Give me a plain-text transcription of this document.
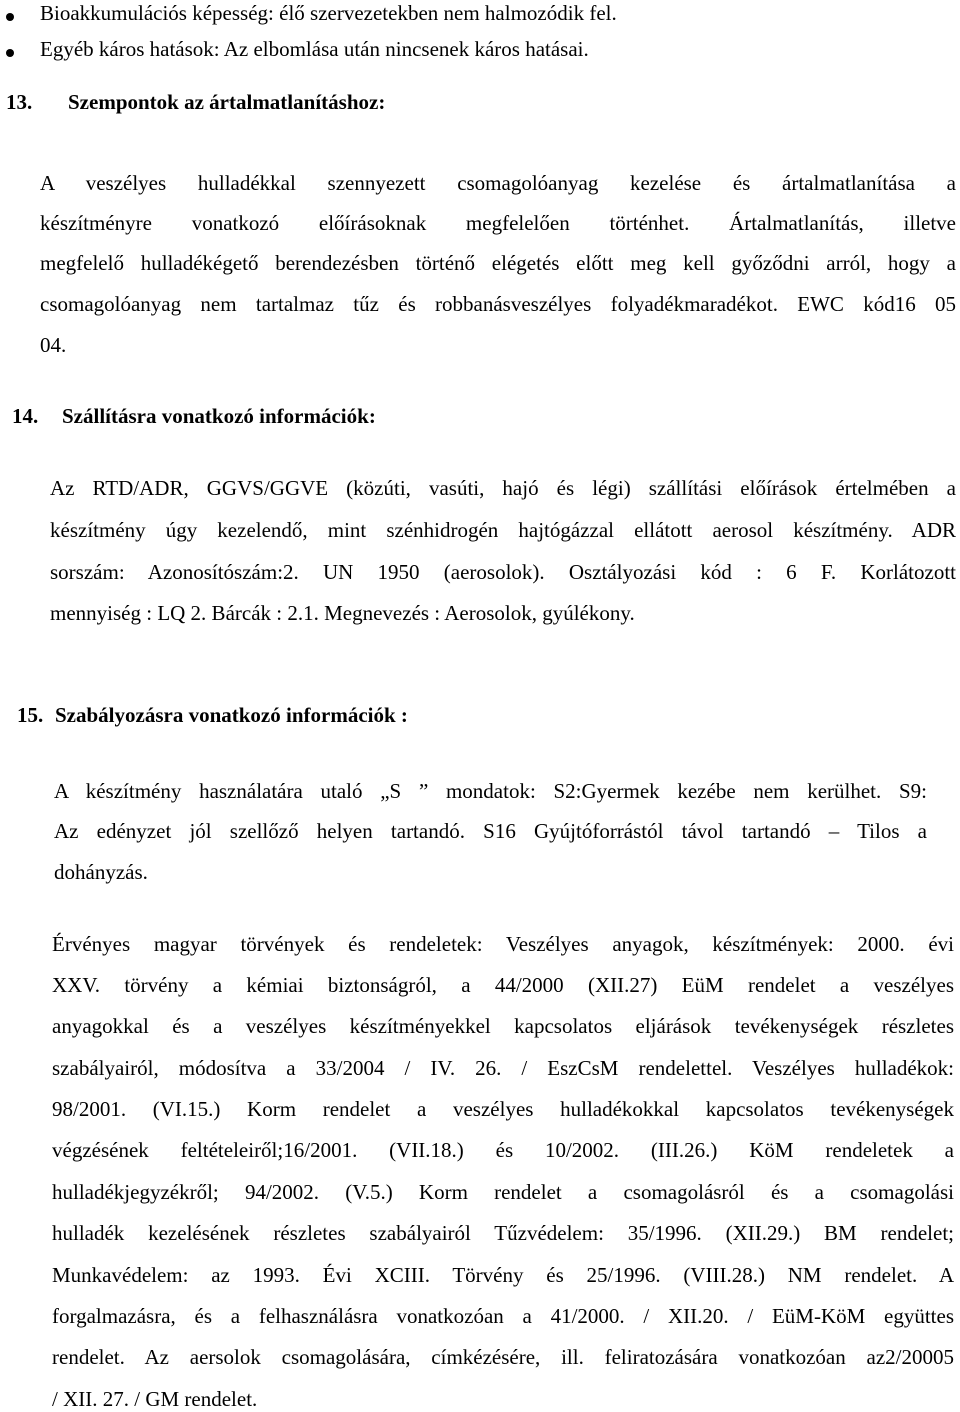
Bioakkumulációs képesség: élő szervezetekben nem halmozódik fel.

Egyéb káros hatások: Az elbomlása után nincsenek káros hatásai.

13. Szempontok az ártalmatlanításhoz:

A veszélyes hulladékkal szennyezett csomagolóanyag kezelése és ártalmatlanítása a
készítményre vonatkozó előírásoknak megfelelően történhet. Ártalmatlanítás, illetve
megfelelő hulladékégető berendezésben történő elégetés előtt meg kell győződni arról, hogy a
csomagolóanyag nem tartalmaz tűz és robbanásveszélyes folyadékmaradékot. EWC kód16 05
04.

14. Szállításra vonatkozó információk:

Az RTD/ADR, GGVS/GGVE (közúti, vasúti, hajó és légi) szállítási előírások értelmében a
készítmény úgy kezelendő, mint szénhidrogén hajtógázzal ellátott aerosol készítmény. ADR
sorszám: Azonosítószám:2. UN 1950 (aerosolok). Osztályozási kód : 6 F. Korlátozott
mennyiség : LQ 2. Bárcák : 2.1. Megnevezés : Aerosolok, gyúlékony.

15. Szabályozásra vonatkozó információk :

A készítmény használatára utaló „S ” mondatok: S2:Gyermek kezébe nem kerülhet. S9:
Az edényzet jól szellőző helyen tartandó. S16 Gyújtóforrástól távol tartandó – Tilos a
dohányzás.
Érvényes magyar törvények és rendeletek: Veszélyes anyagok, készítmények: 2000. évi
XXV. törvény a kémiai biztonságról, a 44/2000 (XII.27) EüM rendelet a veszélyes
anyagokkal és a veszélyes készítményekkel kapcsolatos eljárások tevékenységek részletes
szabályairól, módosítva a 33/2004 / IV. 26. / EszCsM rendelettel. Veszélyes hulladékok:
98/2001. (VI.15.) Korm rendelet a veszélyes hulladékokkal kapcsolatos tevékenységek
végzésének feltételeiről;16/2001. (VII.18.) és 10/2002. (III.26.) KöM rendeletek a
hulladékjegyzékről; 94/2002. (V.5.) Korm rendelet a csomagolásról és a csomagolási
hulladék kezelésének részletes szabályairól Tűzvédelem: 35/1996. (XII.29.) BM rendelet;
Munkavédelem: az 1993. Évi XCIII. Törvény és 25/1996. (VIII.28.) NM rendelet. A
forgalmazásra, és a felhasználásra vonatkozóan a 41/2000. / XII.20. / EüM-KöM együttes
rendelet. Az aersolok csomagolására, címkézésére, ill. feliratozására vonatkozóan az2/20005
/ XII. 27. / GM rendelet.
